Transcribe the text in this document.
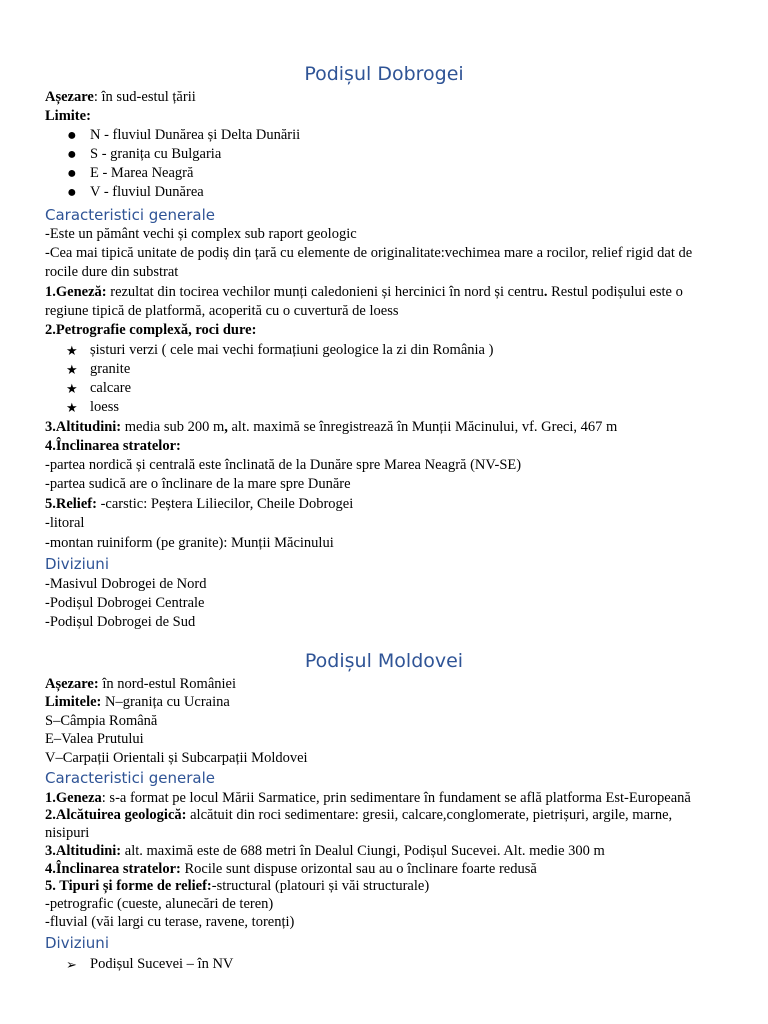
Podișul Dobrogei
Așezare: în sud-estul țării
Limite:
● N - fluviul Dunărea și Delta Dunării
● S - granița cu Bulgaria
● E - Marea Neagră
● V - fluviul Dunărea
Caracteristici generale
-Este un pământ vechi și complex sub raport geologic
-Cea mai tipică unitate de podiș din țară cu elemente de originalitate:vechimea mare a rocilor, relief rigid dat de
rocile dure din substrat
1.Geneză: rezultat din tocirea vechilor munți caledonieni și hercinici în nord și centru. Restul podișului este o
regiune tipică de platformă, acoperită cu o cuvertură de loess
2.Petrografie complexă, roci dure:
★ șisturi verzi ( cele mai vechi formațiuni geologice la zi din România )
★ granite
★ calcare
★ loess
3.Altitudini: media sub 200 m, alt. maximă se înregistrează în Munții Măcinului, vf. Greci, 467 m
4.Înclinarea stratelor:
-partea nordică și centrală este înclinată de la Dunăre spre Marea Neagră (NV-SE)
-partea sudică are o înclinare de la mare spre Dunăre
5.Relief: -carstic: Peștera Liliecilor, Cheile Dobrogei
-litoral
-montan ruiniform (pe granite): Munții Măcinului
Diviziuni
-Masivul Dobrogei de Nord
-Podișul Dobrogei Centrale
-Podișul Dobrogei de Sud
Podișul Moldovei
Așezare: în nord-estul României
Limitele: N–granița cu Ucraina
S–Câmpia Română
E–Valea Prutului
V–Carpații Orientali și Subcarpații Moldovei
Caracteristici generale
1.Geneza: s-a format pe locul Mării Sarmatice, prin sedimentare în fundament se află platforma Est-Europeană
2.Alcătuirea geologică: alcătuit din roci sedimentare: gresii, calcare,conglomerate, pietrișuri, argile, marne,
nisipuri
3.Altitudini: alt. maximă este de 688 metri în Dealul Ciungi, Podișul Sucevei. Alt. medie 300 m
4.Înclinarea stratelor: Rocile sunt dispuse orizontal sau au o înclinare foarte redusă
5. Tipuri și forme de relief:-structural (platouri și văi structurale)
-petrografic (cueste, alunecări de teren)
-fluvial (văi largi cu terase, ravene, torenți)
Diviziuni
➢ Podișul Sucevei – în NV
